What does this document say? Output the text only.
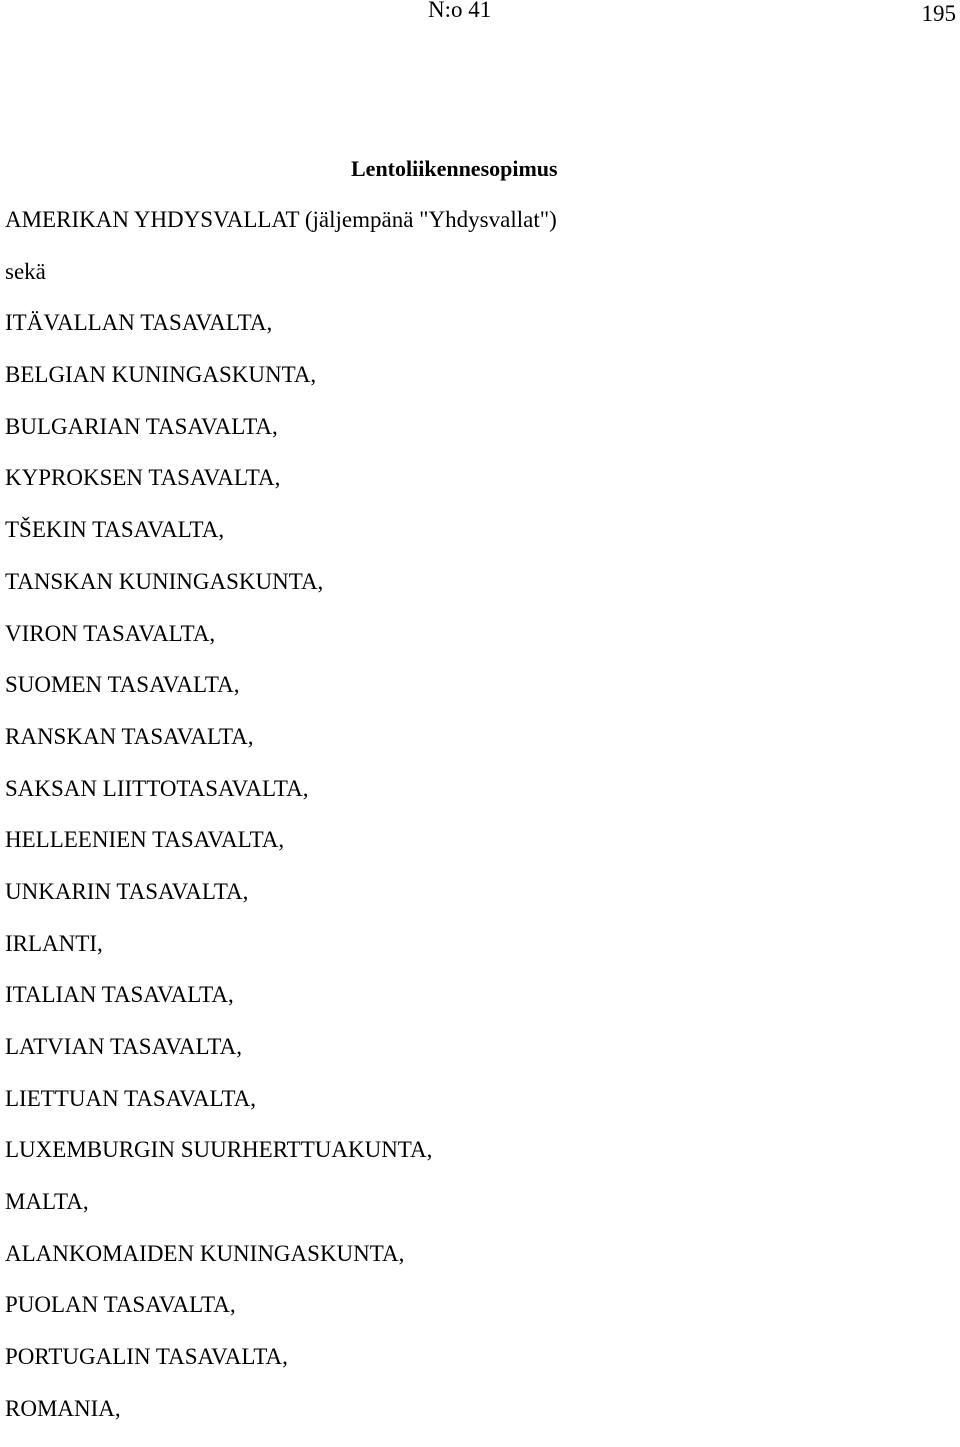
N:o 41	195
Lentoliikennesopimus
AMERIKAN YHDYSVALLAT (jäljempänä "Yhdysvallat")
sekä
ITÄVALLAN TASAVALTA,
BELGIAN KUNINGASKUNTA,
BULGARIAN TASAVALTA,
KYPROKSEN TASAVALTA,
TŠEKIN TASAVALTA,
TANSKAN KUNINGASKUNTA,
VIRON TASAVALTA,
SUOMEN TASAVALTA,
RANSKAN TASAVALTA,
SAKSAN LIITTOTASAVALTA,
HELLEENIEN TASAVALTA,
UNKARIN TASAVALTA,
IRLANTI,
ITALIAN TASAVALTA,
LATVIAN TASAVALTA,
LIETTUAN TASAVALTA,
LUXEMBURGIN SUURHERTTUAKUNTA,
MALTA,
ALANKOMAIDEN KUNINGASKUNTA,
PUOLAN TASAVALTA,
PORTUGALIN TASAVALTA,
ROMANIA,
